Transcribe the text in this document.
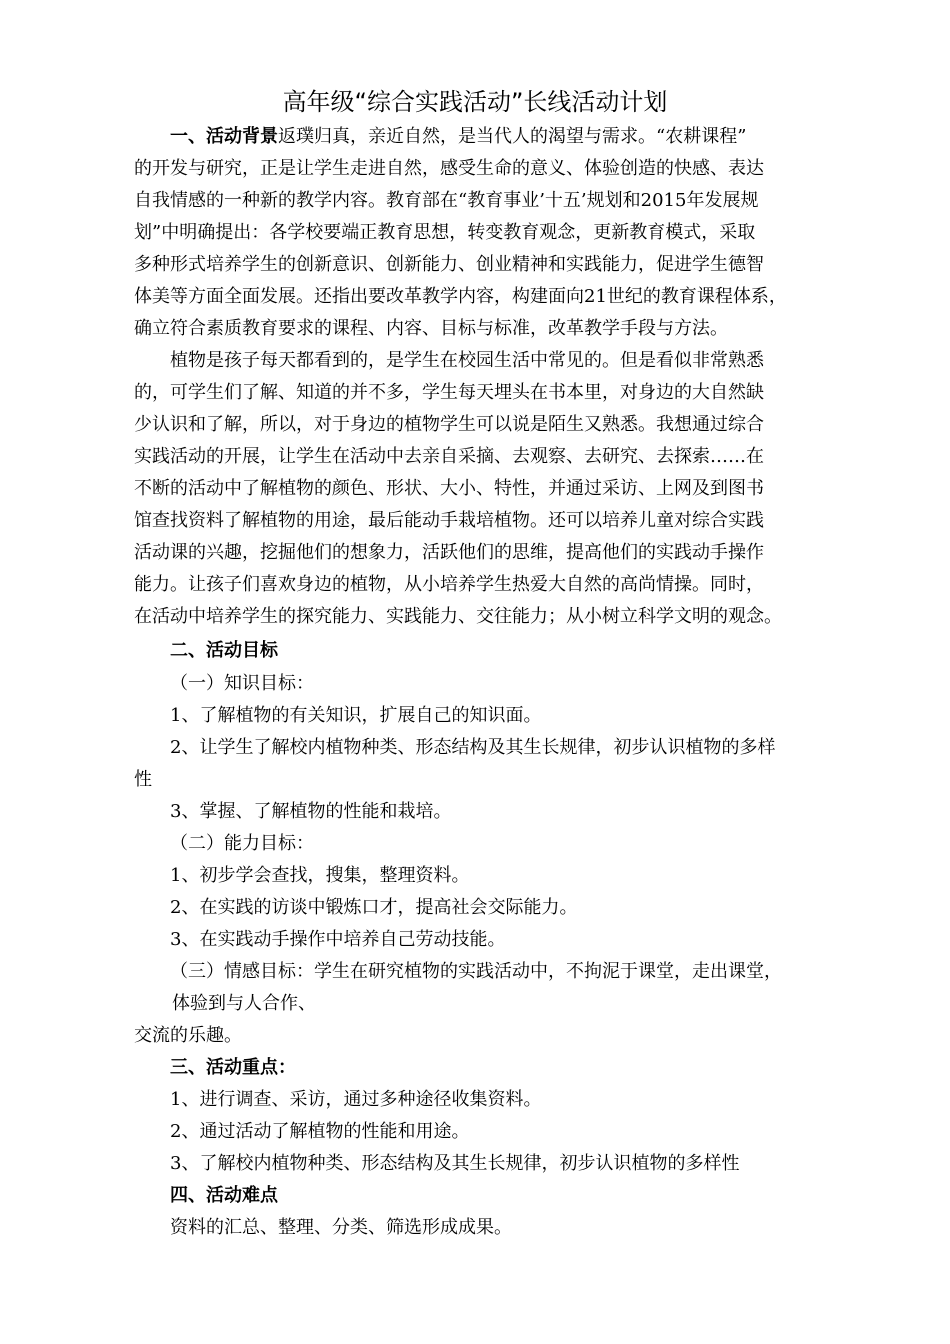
高年级“综合实践活动”长线活动计划

一、活动背景返璞归真，亲近自然，是当代人的渴望与需求。“农耕课程”

的开发与研究，正是让学生走进自然，感受生命的意义、体验创造的快感、表达

自我情感的一种新的教学内容。教育部在“教育事业’十五’规划和2015年发展规

划”中明确提出：各学校要端正教育思想，转变教育观念，更新教育模式，采取

多种形式培养学生的创新意识、创新能力、创业精神和实践能力，促进学生德智

体美等方面全面发展。还指出要改革教学内容，构建面向21世纪的教育课程体系，

确立符合素质教育要求的课程、内容、目标与标准，改革教学手段与方法。

植物是孩子每天都看到的，是学生在校园生活中常见的。但是看似非常熟悉

的，可学生们了解、知道的并不多，学生每天埋头在书本里，对身边的大自然缺

少认识和了解，所以，对于身边的植物学生可以说是陌生又熟悉。我想通过综合

实践活动的开展，让学生在活动中去亲自采摘、去观察、去研究、去探索……在

不断的活动中了解植物的颜色、形状、大小、特性，并通过采访、上网及到图书

馆查找资料了解植物的用途，最后能动手栽培植物。还可以培养儿童对综合实践

活动课的兴趣，挖掘他们的想象力，活跃他们的思维，提高他们的实践动手操作

能力。让孩子们喜欢身边的植物，从小培养学生热爱大自然的高尚情操。同时，

在活动中培养学生的探究能力、实践能力、交往能力；从小树立科学文明的观念。

二、活动目标

（一）知识目标：

1、了解植物的有关知识，扩展自己的知识面。

2、让学生了解校内植物种类、形态结构及其生长规律，初步认识植物的多样

性

3、掌握、了解植物的性能和栽培。

（二）能力目标：

1、初步学会查找，搜集，整理资料。

2、在实践的访谈中锻炼口才，提高社会交际能力。

3、在实践动手操作中培养自己劳动技能。

（三）情感目标：学生在研究植物的实践活动中，不拘泥于课堂，走出课堂，

体验到与人合作、

交流的乐趣。

三、活动重点：

1、进行调查、采访，通过多种途径收集资料。

2、通过活动了解植物的性能和用途。

3、了解校内植物种类、形态结构及其生长规律，初步认识植物的多样性

四、活动难点

资料的汇总、整理、分类、筛选形成成果。
